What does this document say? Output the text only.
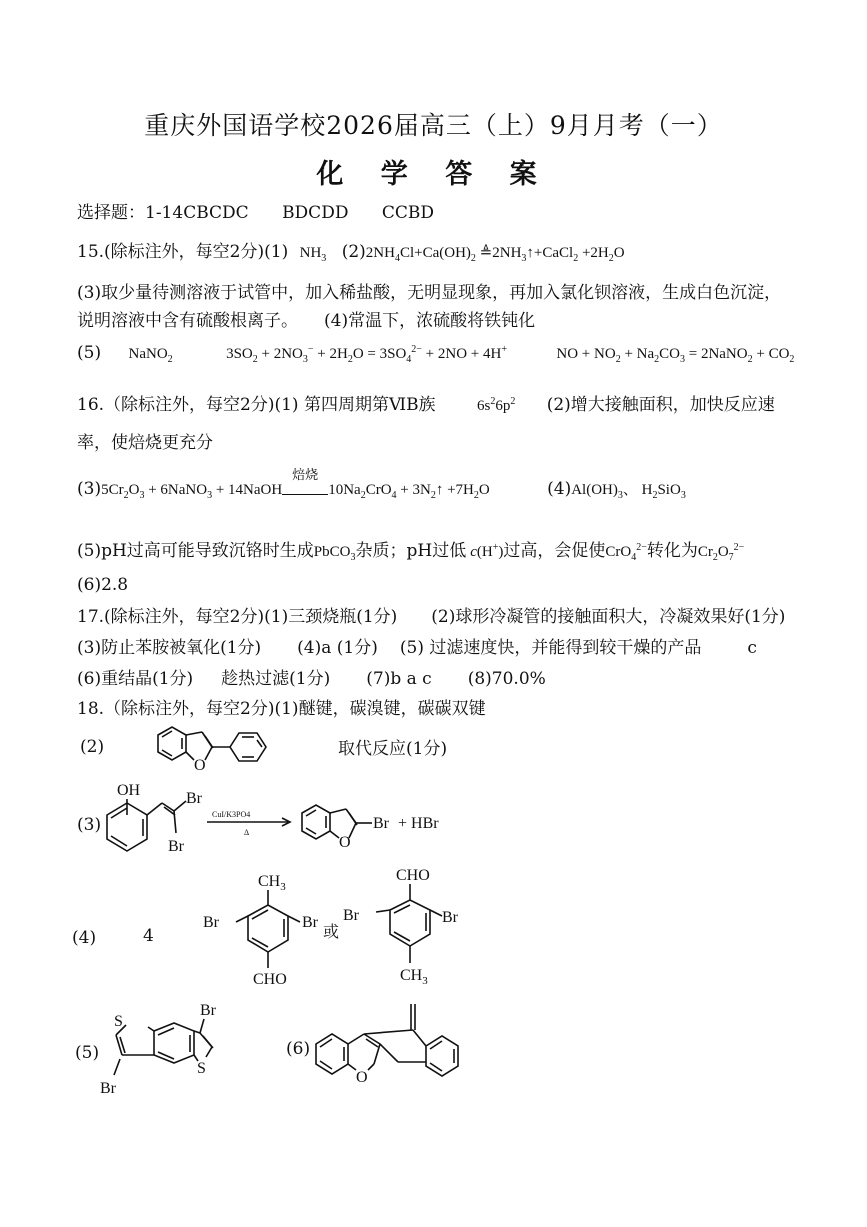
重庆外国语学校2026届高三（上）9月月考（一）
化 学 答 案
选择题：1-14CBCDC BDCDD CCBD
15.(除标注外，每空2分)(1) $NH_3$ $(2)2NH_4Cl+Ca(OH)_2$ $≜2NH_3↑+CaCl_2 +2H_2O$
(3)取少量待测溶液于试管中，加入稀盐酸，无明显现象，再加入氯化钡溶液，生成白色沉淀，
说明溶液中含有硫酸根离子。 (4)常温下，浓硫酸将铁钝化
(5) NaNO$_2$	$3SO_2 + 2NO_3^- + 2H_2O = 3SO_4^{2-} + 2NO + 4H^+$	NO + $NO_2 + Na_2CO_3$ = 2NaNO$_2$ + $CO_2$
16.（除标注外，每空2分)(1) 第四周期第ⅥB族	$6s^26p^2$ (2)增大接触面积，加快反应速
率，使焙烧更充分
$(3)5Cr_2O_3$ + 6NaNO$_3$ + 14NaOH
焙烧
$10Na_2CrO_4$ + $3N_2↑ +7H_2O$	$(4)Al(OH)_3$、 $H_2SiO_3$
(5)pH过高可能导致沉铬时生成PbCO$_3$杂质；pH过低 c(H+)过高，会促使CrO$_4^{2-}$转化为$Cr_2O_7^{2-}$
(6)2.8
17.(除标注外，每空2分)(1)三颈烧瓶(1分) (2)球形冷凝管的接触面积大，冷凝效果好(1分)
(3)防止苯胺被氧化(1分) (4)a (1分) (5) 过滤速度快，并能得到较干燥的产品	c
(6)重结晶(1分) 趁热过滤(1分) (7)b a c (8)70.0%
18.（除标注外，每空2分)(1)醚键，碳溴键，碳碳双键
(2)	取代反应(1分)
O
(3)
OH	Br
Br
CuI/K3PO4
Δ
O
Br + HBr
(4)	4
$CH_3$
Br	Br
CHO
或
CHO
Br	Br
$CH_3$
(5)
Br
S
S
Br
(6)
O
